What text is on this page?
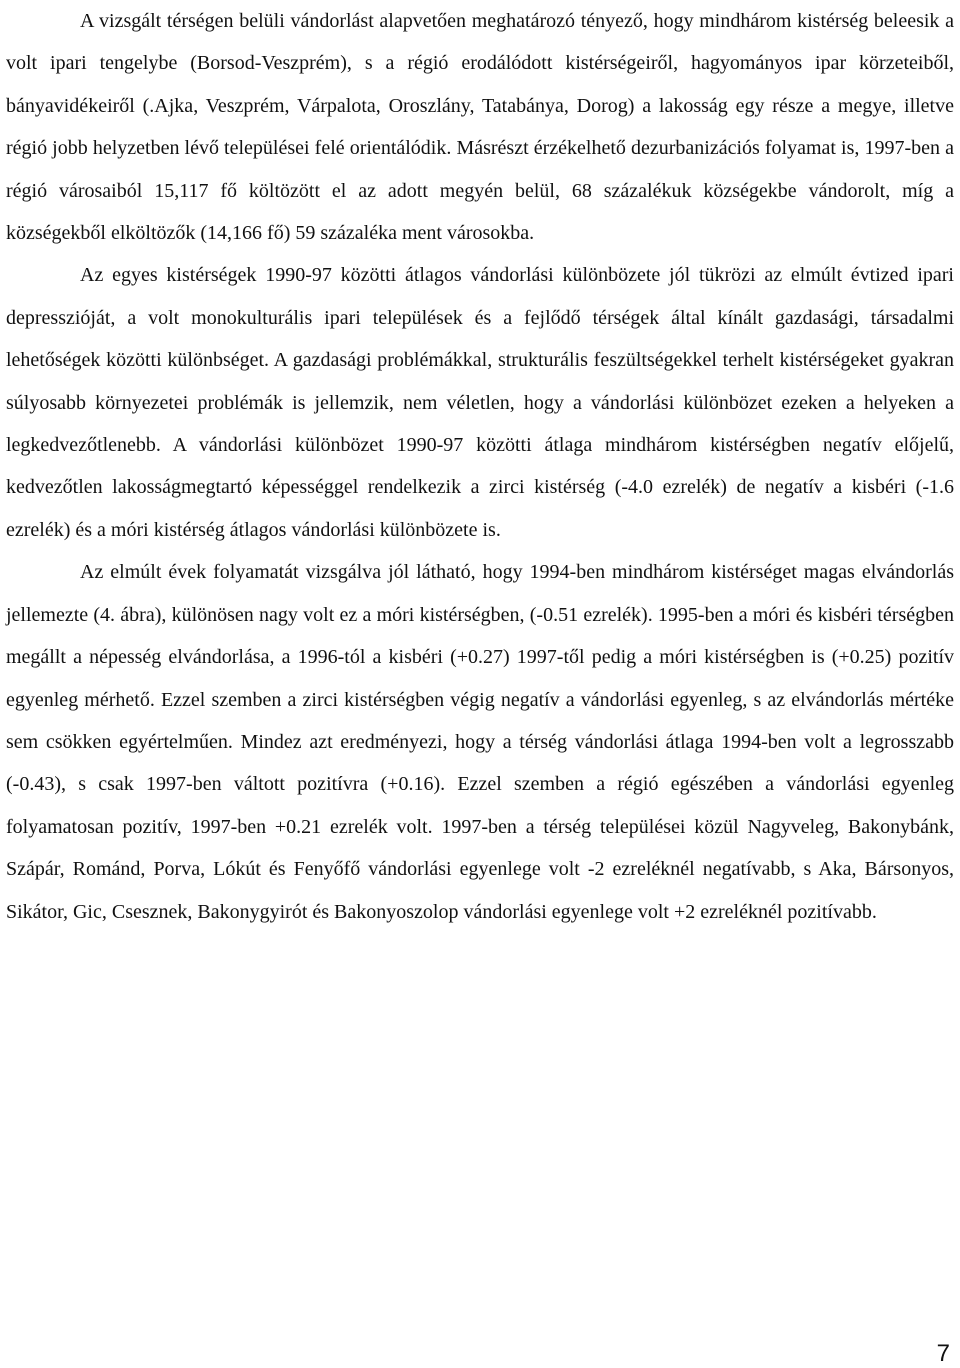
A vizsgált térségen belüli vándorlást alapvetően meghatározó tényező, hogy mindhárom kistérség beleesik a volt ipari tengelybe (Borsod-Veszprém), s a régió erodálódott kistérségeiről, hagyományos ipar körzeteiből, bányavidékeiről (.Ajka, Veszprém, Várpalota, Oroszlány, Tatabánya, Dorog) a lakosság egy része a megye, illetve régió jobb helyzetben lévő települései felé orientálódik. Másrészt érzékelhető dezurbanizációs folyamat is, 1997-ben a régió városaiból 15,117 fő költözött el az adott megyén belül, 68 százalékuk községekbe vándorolt, míg a községekből elköltözők (14,166 fő) 59 százaléka ment városokba.

Az egyes kistérségek 1990-97 közötti átlagos vándorlási különbözete jól tükrözi az elmúlt évtized ipari depresszióját, a volt monokulturális ipari települések és a fejlődő térségek által kínált gazdasági, társadalmi lehetőségek közötti különbséget. A gazdasági problémákkal, strukturális feszültségekkel terhelt kistérségeket gyakran súlyosabb környezetei problémák is jellemzik, nem véletlen, hogy a vándorlási különbözet ezeken a helyeken a legkedvezőtlenebb. A vándorlási különbözet 1990-97 közötti átlaga mindhárom kistérségben negatív előjelű, kedvezőtlen lakosságmegtartó képességgel rendelkezik a zirci kistérség (-4.0 ezrelék) de negatív a kisbéri (-1.6 ezrelék) és a móri kistérség átlagos vándorlási különbözete is.

Az elmúlt évek folyamatát vizsgálva jól látható, hogy 1994-ben mindhárom kistérséget magas elvándorlás jellemezte (4. ábra), különösen nagy volt ez a móri kistérségben, (-0.51 ezrelék). 1995-ben a móri és kisbéri térségben megállt a népesség elvándorlása, a 1996-tól a kisbéri (+0.27) 1997-től pedig a móri kistérségben is (+0.25) pozitív egyenleg mérhető. Ezzel szemben a zirci kistérségben végig negatív a vándorlási egyenleg, s az elvándorlás mértéke sem csökken egyértelműen. Mindez azt eredményezi, hogy a térség vándorlási átlaga 1994-ben volt a legrosszabb (-0.43), s csak 1997-ben váltott pozitívra (+0.16). Ezzel szemben a régió egészében a vándorlási egyenleg folyamatosan pozitív, 1997-ben +0.21 ezrelék volt. 1997-ben a térség települései közül Nagyveleg, Bakonybánk, Szápár, Románd, Porva, Lókút és Fenyőfő vándorlási egyenlege volt -2 ezreléknél negatívabb, s Aka, Bársonyos, Sikátor, Gic, Csesznek, Bakonygyirót és Bakonyoszolop vándorlási egyenlege volt +2 ezreléknél pozitívabb.

7
